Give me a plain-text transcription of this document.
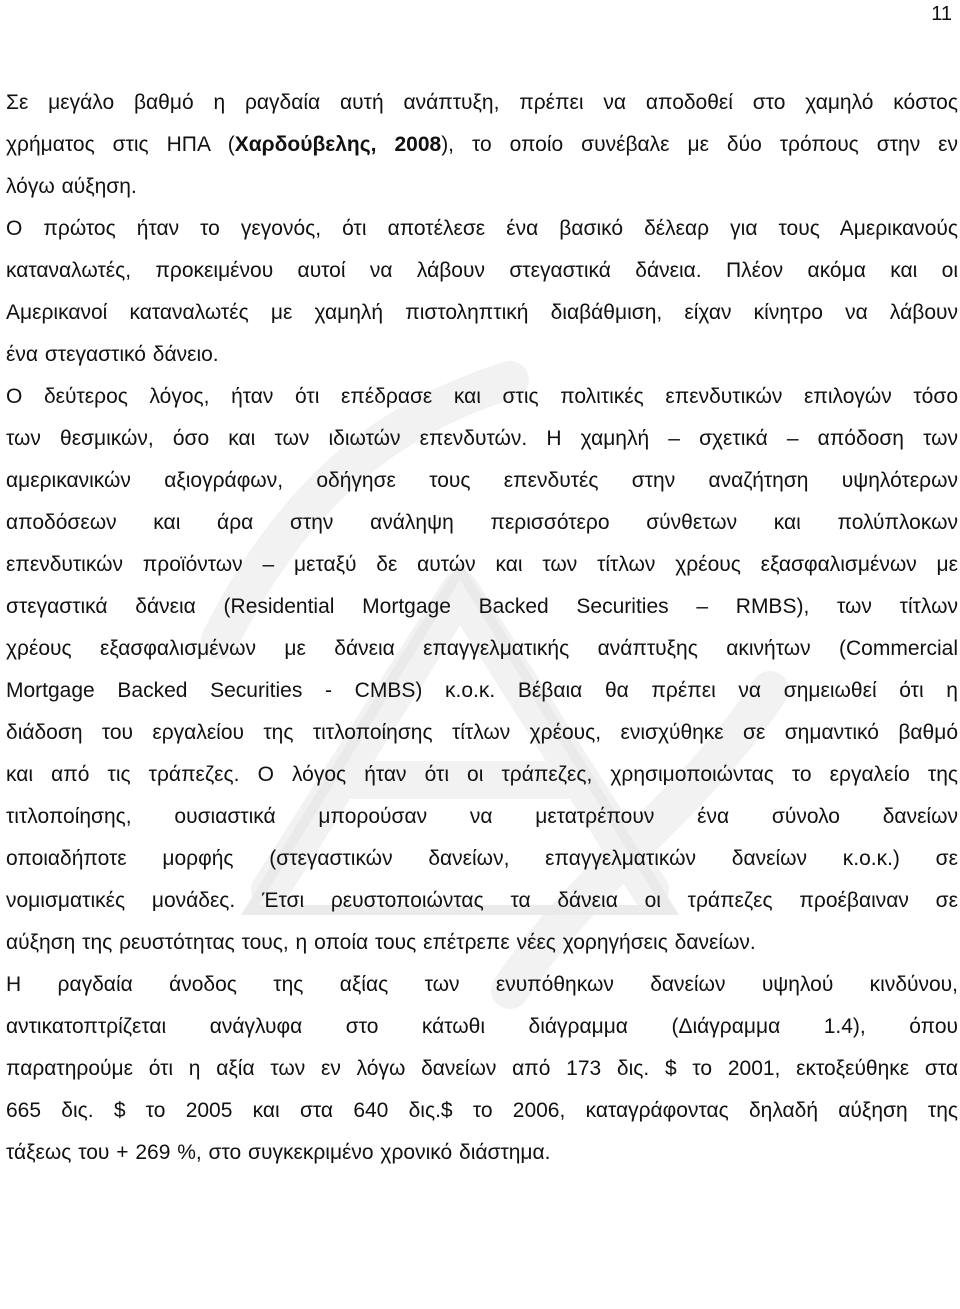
11
Σε μεγάλο βαθμό η ραγδαία αυτή ανάπτυξη, πρέπει να αποδοθεί στο χαμηλό κόστος
χρήματος στις ΗΠΑ (Χαρδούβελης, 2008), το οποίο συνέβαλε με δύο τρόπους στην εν
λόγω αύξηση.
Ο πρώτος ήταν το γεγονός, ότι αποτέλεσε ένα βασικό δέλεαρ για τους Αμερικανούς
καταναλωτές, προκειμένου αυτοί να λάβουν στεγαστικά δάνεια. Πλέον ακόμα και οι
Αμερικανοί καταναλωτές με χαμηλή πιστοληπτική διαβάθμιση, είχαν κίνητρο να λάβουν
ένα στεγαστικό δάνειο.
Ο δεύτερος λόγος, ήταν ότι επέδρασε και στις πολιτικές επενδυτικών επιλογών τόσο
των θεσμικών, όσο και των ιδιωτών επενδυτών. Η χαμηλή – σχετικά – απόδοση των
αμερικανικών αξιογράφων, οδήγησε τους επενδυτές στην αναζήτηση υψηλότερων
αποδόσεων και άρα στην ανάληψη περισσότερο σύνθετων και πολύπλοκων
επενδυτικών προϊόντων – μεταξύ δε αυτών και των τίτλων χρέους εξασφαλισμένων με
στεγαστικά δάνεια (Residential Mortgage Backed Securities – RMBS), των τίτλων
χρέους εξασφαλισμένων με δάνεια επαγγελματικής ανάπτυξης ακινήτων (Commercial
Mortgage Backed Securities - CMBS) κ.ο.κ. Βέβαια θα πρέπει να σημειωθεί ότι η
διάδοση του εργαλείου της τιτλοποίησης τίτλων χρέους, ενισχύθηκε σε σημαντικό βαθμό
και από τις τράπεζες. Ο λόγος ήταν ότι οι τράπεζες, χρησιμοποιώντας το εργαλείο της
τιτλοποίησης, ουσιαστικά μπορούσαν να μετατρέπουν ένα σύνολο δανείων
οποιαδήποτε μορφής (στεγαστικών δανείων, επαγγελματικών δανείων κ.ο.κ.) σε
νομισματικές μονάδες. Έτσι ρευστοποιώντας τα δάνεια οι τράπεζες προέβαιναν σε
αύξηση της ρευστότητας τους, η οποία τους επέτρεπε νέες χορηγήσεις δανείων.
Η ραγδαία άνοδος της αξίας των ενυπόθηκων δανείων υψηλού κινδύνου,
αντικατοπτρίζεται ανάγλυφα στο κάτωθι διάγραμμα (Διάγραμμα 1.4), όπου
παρατηρούμε ότι η αξία των εν λόγω δανείων από 173 δις. $ το 2001, εκτοξεύθηκε στα
665 δις. $ το 2005 και στα 640 δις.$ το 2006, καταγράφοντας δηλαδή αύξηση της
τάξεως του + 269 %, στο συγκεκριμένο χρονικό διάστημα.
